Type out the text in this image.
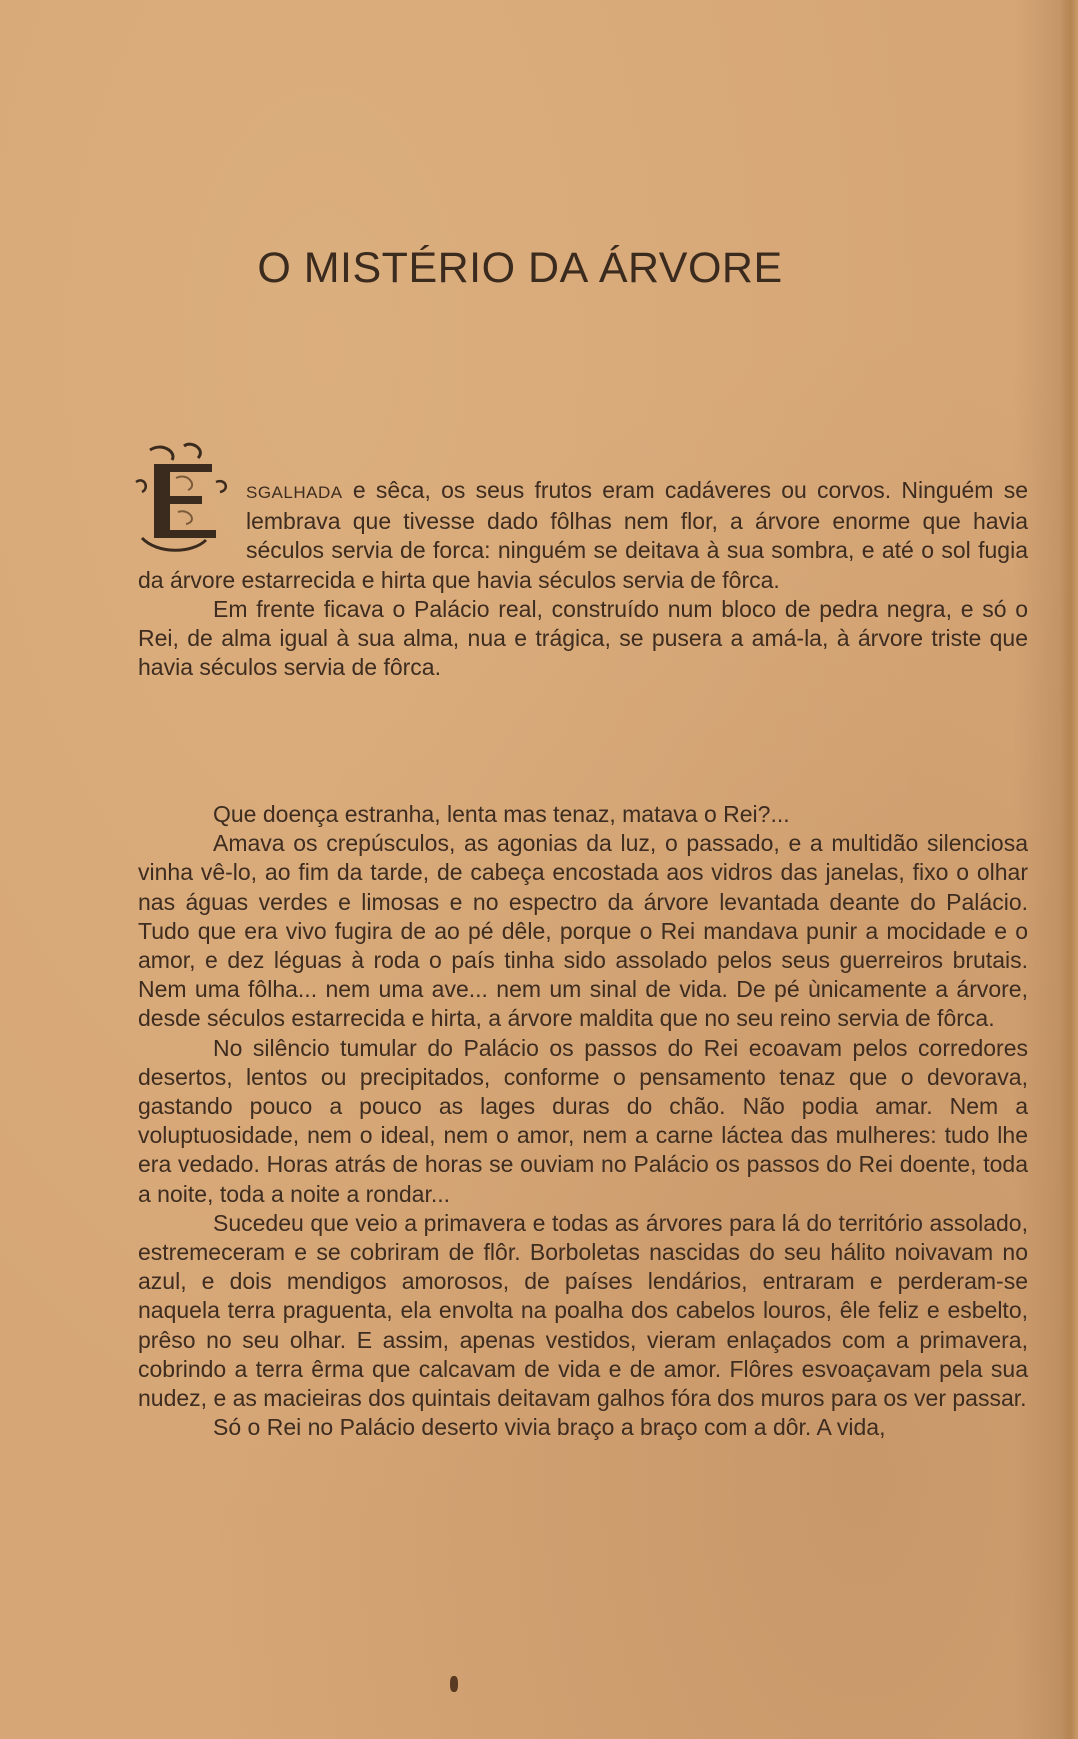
O MISTÉRIO DA ÁRVORE

SGALHADA e sêca, os seus frutos eram cadáveres ou corvos. Ninguém se lembrava que tivesse dado fôlhas nem flor, a árvore enorme que havia séculos servia de forca: ninguém se deitava à sua sombra, e até o sol fugia da árvore estarrecida e hirta que havia séculos servia de fôrca.

Em frente ficava o Palácio real, construído num bloco de pedra negra, e só o Rei, de alma igual à sua alma, nua e trágica, se pusera a amá-la, à árvore triste que havia séculos servia de fôrca.

Que doença estranha, lenta mas tenaz, matava o Rei?...

Amava os crepúsculos, as agonias da luz, o passado, e a multidão silenciosa vinha vê-lo, ao fim da tarde, de cabeça encostada aos vidros das janelas, fixo o olhar nas águas verdes e limosas e no espectro da árvore levantada deante do Palácio. Tudo que era vivo fugira de ao pé dêle, porque o Rei mandava punir a mocidade e o amor, e dez léguas à roda o país tinha sido assolado pelos seus guerreiros brutais. Nem uma fôlha... nem uma ave... nem um sinal de vida. De pé ùnicamente a árvore, desde séculos estarrecida e hirta, a árvore maldita que no seu reino servia de fôrca.

No silêncio tumular do Palácio os passos do Rei ecoavam pelos corredores desertos, lentos ou precipitados, conforme o pensamento tenaz que o devorava, gastando pouco a pouco as lages duras do chão. Não podia amar. Nem a voluptuosidade, nem o ideal, nem o amor, nem a carne láctea das mulheres: tudo lhe era vedado. Horas atrás de horas se ouviam no Palácio os passos do Rei doente, toda a noite, toda a noite a rondar...

Sucedeu que veio a primavera e todas as árvores para lá do território assolado, estremeceram e se cobriram de flôr. Borboletas nascidas do seu hálito noivavam no azul, e dois mendigos amorosos, de países lendários, entraram e perderam-se naquela terra praguenta, ela envolta na poalha dos cabelos louros, êle feliz e esbelto, prêso no seu olhar. E assim, apenas vestidos, vieram enlaçados com a primavera, cobrindo a terra êrma que calcavam de vida e de amor. Flôres esvoaçavam pela sua nudez, e as macieiras dos quintais deitavam galhos fóra dos muros para os ver passar.

Só o Rei no Palácio deserto vivia braço a braço com a dôr. A vida,
